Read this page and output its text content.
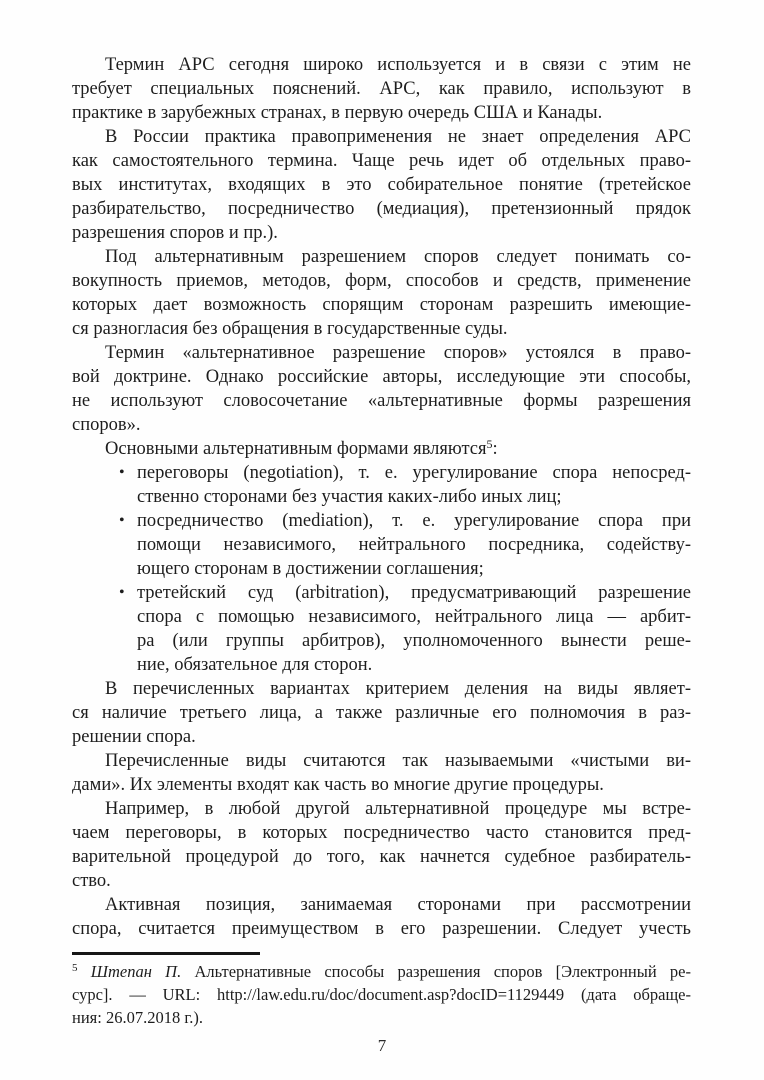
Термин АРС сегодня широко используется и в связи с этим не
требует специальных пояснений. АРС, как правило, используют в
практике в зарубежных странах, в первую очередь США и Канады.
В России практика правоприменения не знает определения АРС
как самостоятельного термина. Чаще речь идет об отдельных право-
вых институтах, входящих в это собирательное понятие (третейское
разбирательство, посредничество (медиация), претензионный прядок
разрешения споров и пр.).
Под альтернативным разрешением споров следует понимать со-
вокупность приемов, методов, форм, способов и средств, применение
которых дает возможность спорящим сторонам разрешить имеющие-
ся разногласия без обращения в государственные суды.
Термин «альтернативное разрешение споров» устоялся в право-
вой доктрине. Однако российские авторы, исследующие эти способы,
не используют словосочетание «альтернативные формы разрешения
споров».
Основными альтернативным формами являются$^5$:
• переговоры (negotiation), т. е. урегулирование спора непосред-
ственно сторонами без участия каких-либо иных лиц;
• посредничество (mediation), т. е. урегулирование спора при
помощи независимого, нейтрального посредника, содейству-
ющего сторонам в достижении соглашения;
• третейский суд (arbitration), предусматривающий разрешение
спора с помощью независимого, нейтрального лица — арбит-
ра (или группы арбитров), уполномоченного вынести реше-
ние, обязательное для сторон.
В перечисленных вариантах критерием деления на виды являет-
ся наличие третьего лица, а также различные его полномочия в раз-
решении спора.
Перечисленные виды считаются так называемыми «чистыми ви-
дами». Их элементы входят как часть во многие другие процедуры.
Например, в любой другой альтернативной процедуре мы встре-
чаем переговоры, в которых посредничество часто становится пред-
варительной процедурой до того, как начнется судебное разбиратель-
ство.
Активная позиция, занимаемая сторонами при рассмотрении
спора, считается преимуществом в его разрешении. Следует учесть
$^5$ Штепан П. Альтернативные способы разрешения споров [Электронный ре-
сурс]. — URL: http://law.edu.ru/doc/document.asp?docID=1129449 (дата обраще-
ния: 26.07.2018 г.).
7
